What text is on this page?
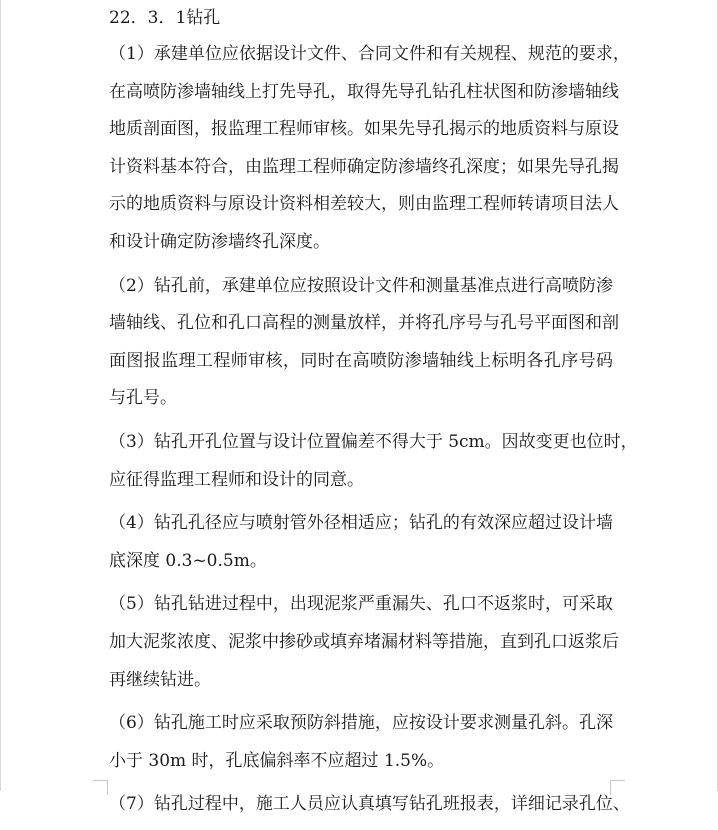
22．3．1钻孔
（1）承建单位应依据设计文件、合同文件和有关规程、规范的要求，
在高喷防渗墙轴线上打先导孔，取得先导孔钻孔柱状图和防渗墙轴线
地质剖面图，报监理工程师审核。如果先导孔揭示的地质资料与原设
计资料基本符合，由监理工程师确定防渗墙终孔深度；如果先导孔揭
示的地质资料与原设计资料相差较大，则由监理工程师转请项目法人
和设计确定防渗墙终孔深度。
（2）钻孔前，承建单位应按照设计文件和测量基准点进行高喷防渗
墙轴线、孔位和孔口高程的测量放样，并将孔序号与孔号平面图和剖
面图报监理工程师审核，同时在高喷防渗墙轴线上标明各孔序号码
与孔号。
（3）钻孔开孔位置与设计位置偏差不得大于 5cm。因故变更也位时，
应征得监理工程师和设计的同意。
（4）钻孔孔径应与喷射管外径相适应；钻孔的有效深应超过设计墙
底深度 0.3~0.5m。
（5）钻孔钻进过程中，出现泥浆严重漏失、孔口不返浆时，可采取
加大泥浆浓度、泥浆中掺砂或填弃堵漏材料等措施，直到孔口返浆后
再继续钻进。
（6）钻孔施工时应采取预防斜措施，应按设计要求测量孔斜。孔深
小于 30m 时，孔底偏斜率不应超过 1.5%。
（7）钻孔过程中，施工人员应认真填写钻孔班报表，详细记录孔位、
